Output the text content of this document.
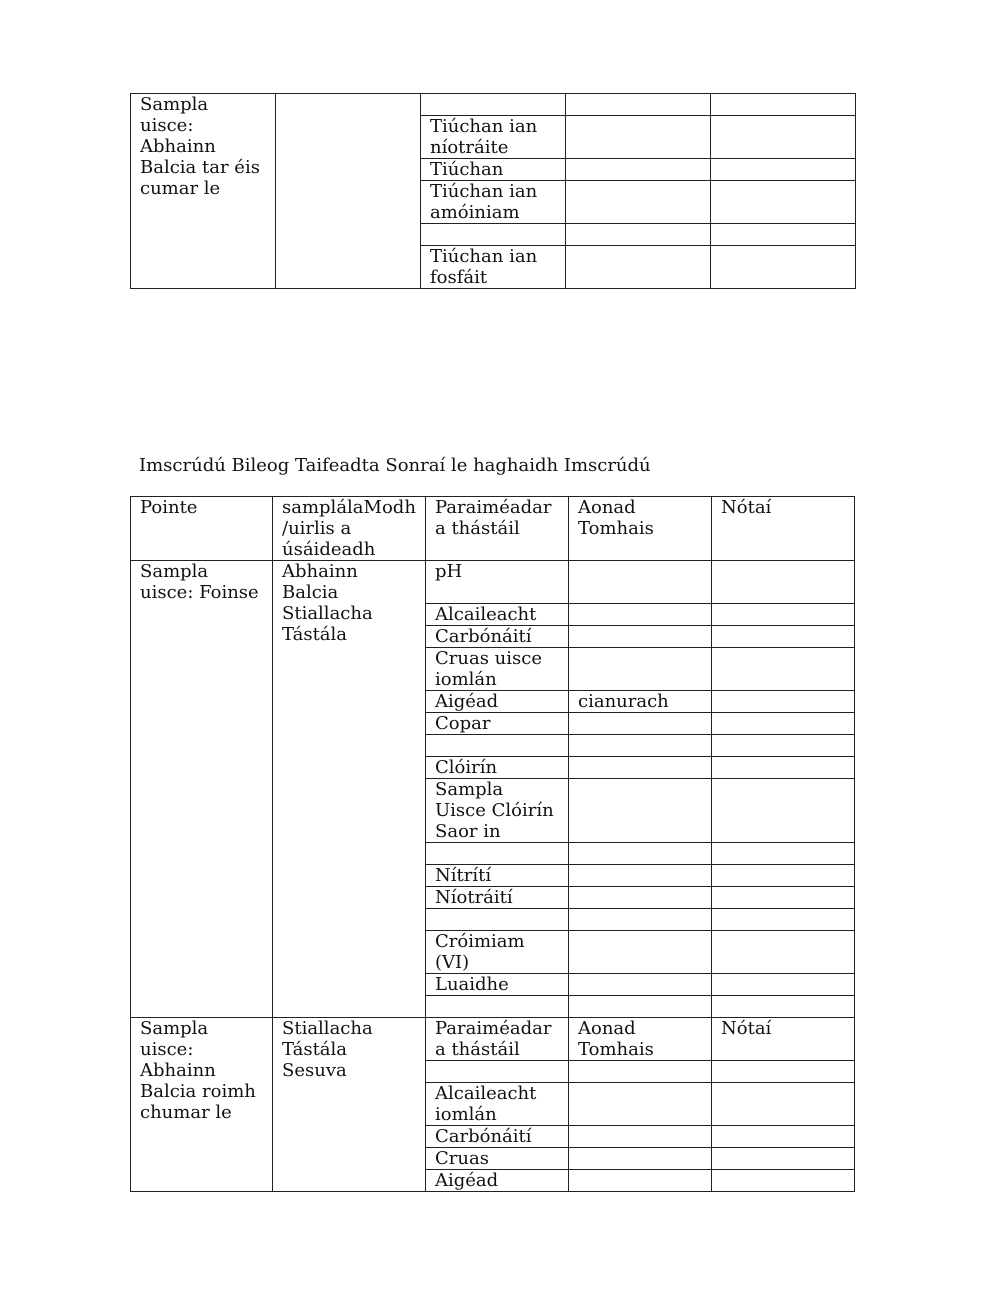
Sampla uisce: Abhainn Balcia tar éis cumar le				
		Tiúchan ian níotráite		
		Tiúchan		
		Tiúchan ian amóiniam		

		Tiúchan ian fosfáit		

Imscrúdú Bileog Taifeadta Sonraí le haghaidh Imscrúdú

Pointe	samplálaModh /uirlis a úsáideadh	Paraiméadar a thástáil	Aonad Tomhais	Nótaí
Sampla uisce: Foinse	Abhainn Balcia Stiallacha Tástála	pH		
		Alcaileacht		
		Carbónáití		
		Cruas uisce iomlán		
		Aigéad	cianurach	
		Copar		

		Clóirín		
		Sampla Uisce Clóirín Saor in		

		Nítrítí		
		Níotráití		

		Cróimiam (VI)		
		Luaidhe		

Sampla uisce: Abhainn Balcia roimh chumar le	Stiallacha Tástála Sesuva	Paraiméadar a thástáil	Aonad Tomhais	Nótaí

		Alcaileacht iomlán		
		Carbónáití		
		Cruas		
		Aigéad		
